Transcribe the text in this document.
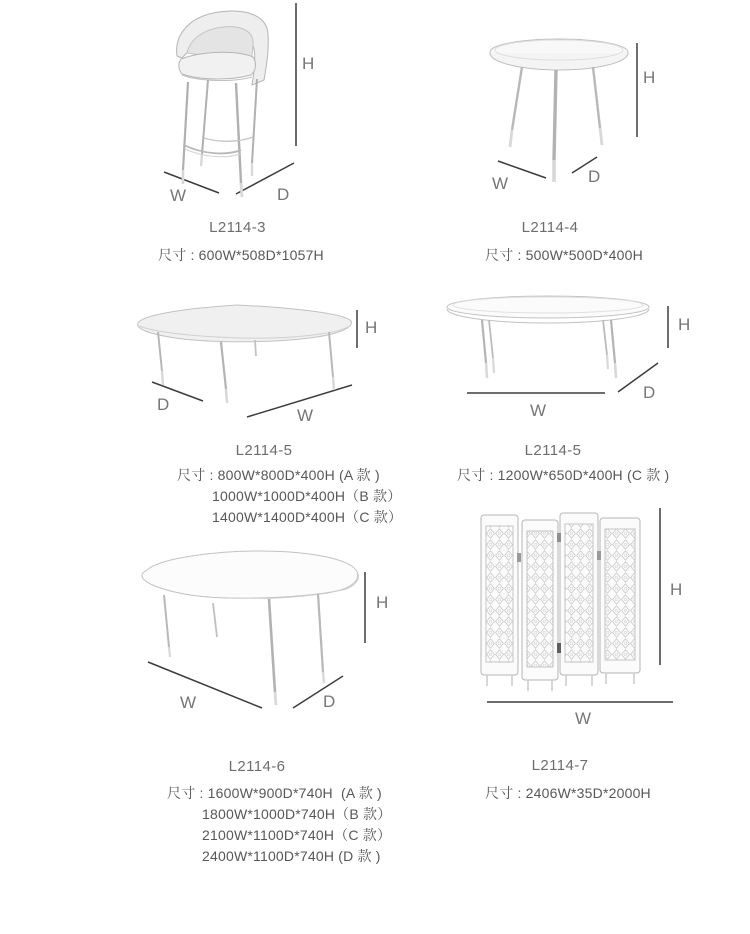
H
W	D
L2114-3

尺寸 : 600W*508D*1057H

H
W	D
L2114-4

尺寸 : 500W*500D*400H

H
D
W
L2114-5

尺寸 : 800W*800D*400H (A 款 )

1000W*1000D*400H（B 款）

1400W*1400D*400H（C 款）

H
W
D
L2114-5

尺寸 : 1200W*650D*400H (C 款 )

H
W	D
L2114-6

尺寸 : 1600W*900D*740H  (A 款 )

1800W*1000D*740H（B 款）

2100W*1100D*740H（C 款）

2400W*1100D*740H (D 款 )

H
W
L2114-7

尺寸 : 2406W*35D*2000H
